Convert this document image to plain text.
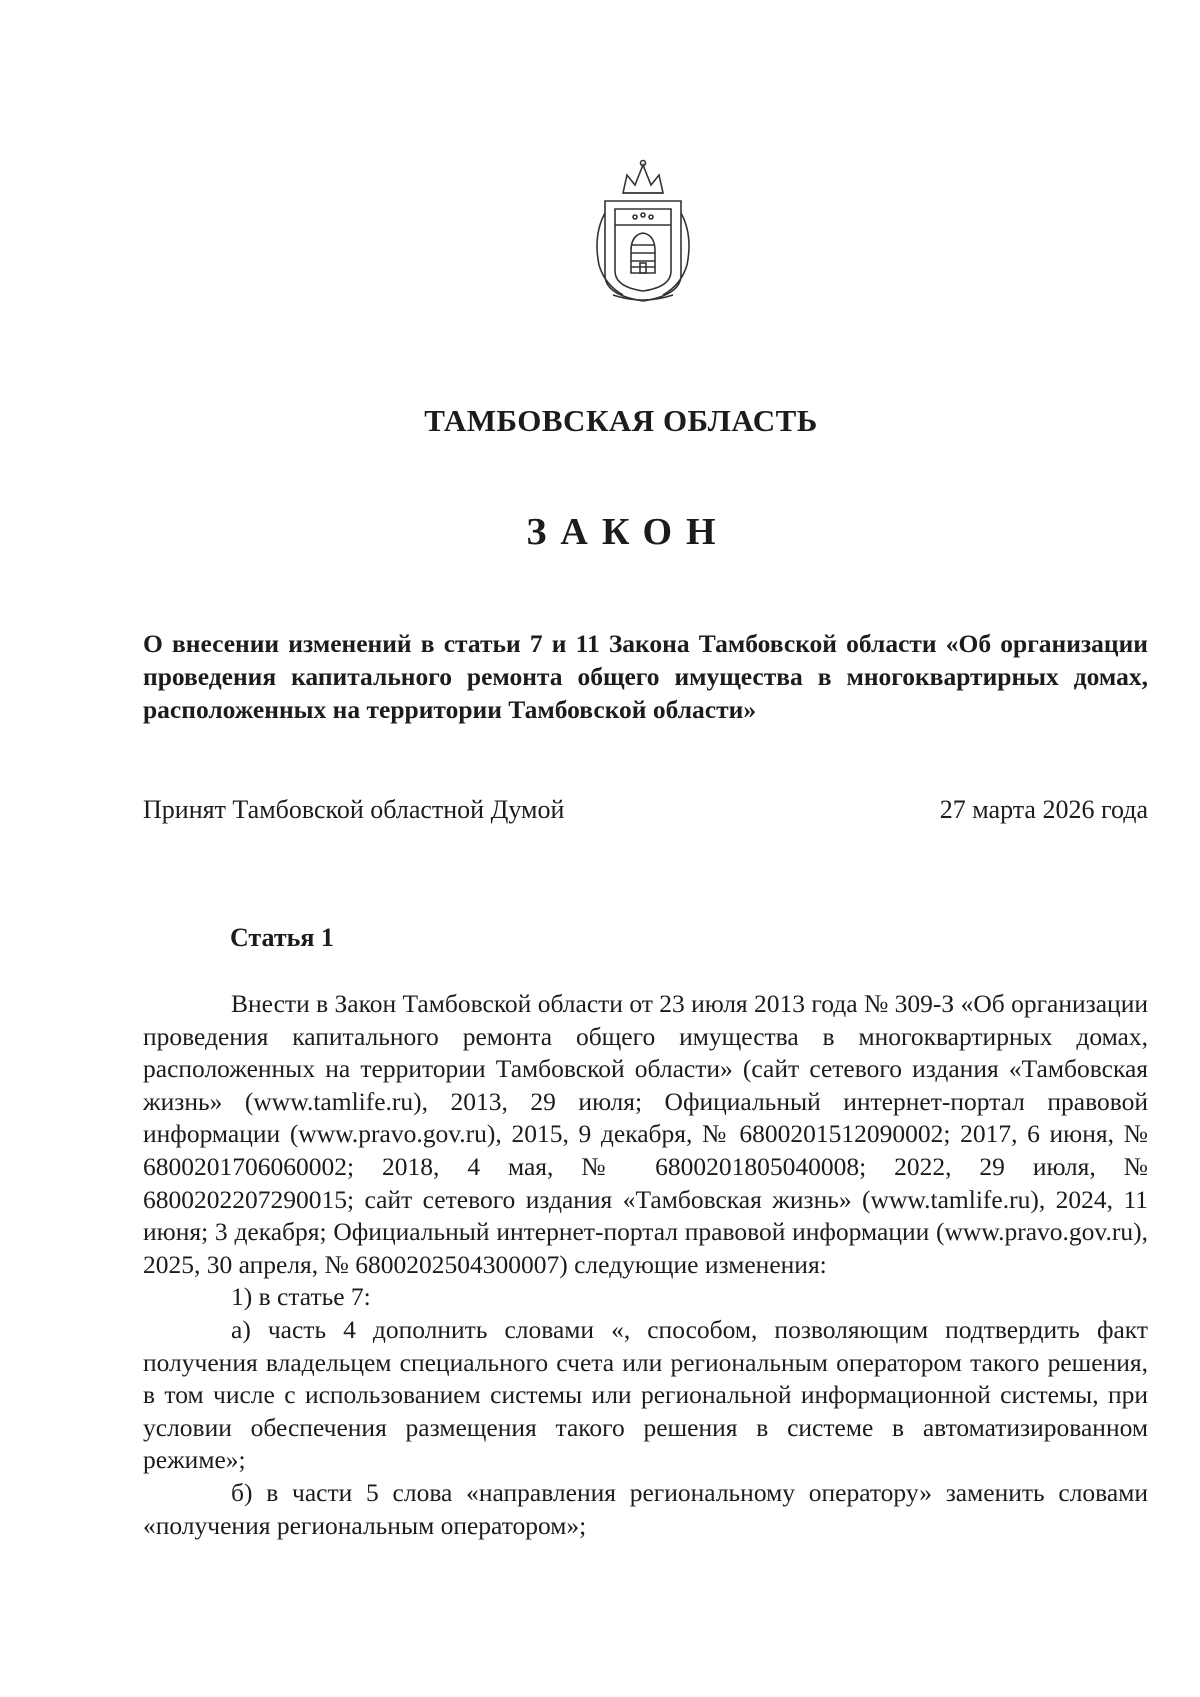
ТАМБОВСКАЯ ОБЛАСТЬ
ЗАКОН
О внесении изменений в статьи 7 и 11 Закона Тамбовской области «Об организации проведения капитального ремонта общего имущества в многоквартирных домах, расположенных на территории Тамбовской области»
Принят Тамбовской областной Думой	27 марта 2026 года
Статья 1

Внести в Закон Тамбовской области от 23 июля 2013 года № 309-З «Об организации проведения капитального ремонта общего имущества в многоквартирных домах, расположенных на территории Тамбовской области» (сайт сетевого издания «Тамбовская жизнь» (www.tamlife.ru), 2013, 29 июля; Официальный интернет-портал правовой информации (www.pravo.gov.ru), 2015, 9 декабря, № 6800201512090002; 2017, 6 июня, № 6800201706060002; 2018, 4 мая, № 6800201805040008; 2022, 29 июля, № 6800202207290015; сайт сетевого издания «Тамбовская жизнь» (www.tamlife.ru), 2024, 11 июня; 3 декабря; Официальный интернет-портал правовой информации (www.pravo.gov.ru), 2025, 30 апреля, № 6800202504300007) следующие изменения:

1) в статье 7:

а) часть 4 дополнить словами «, способом, позволяющим подтвердить факт получения владельцем специального счета или региональным оператором такого решения, в том числе с использованием системы или региональной информационной системы, при условии обеспечения размещения такого решения в системе в автоматизированном режиме»;

б) в части 5 слова «направления региональному оператору» заменить словами «получения региональным оператором»;
